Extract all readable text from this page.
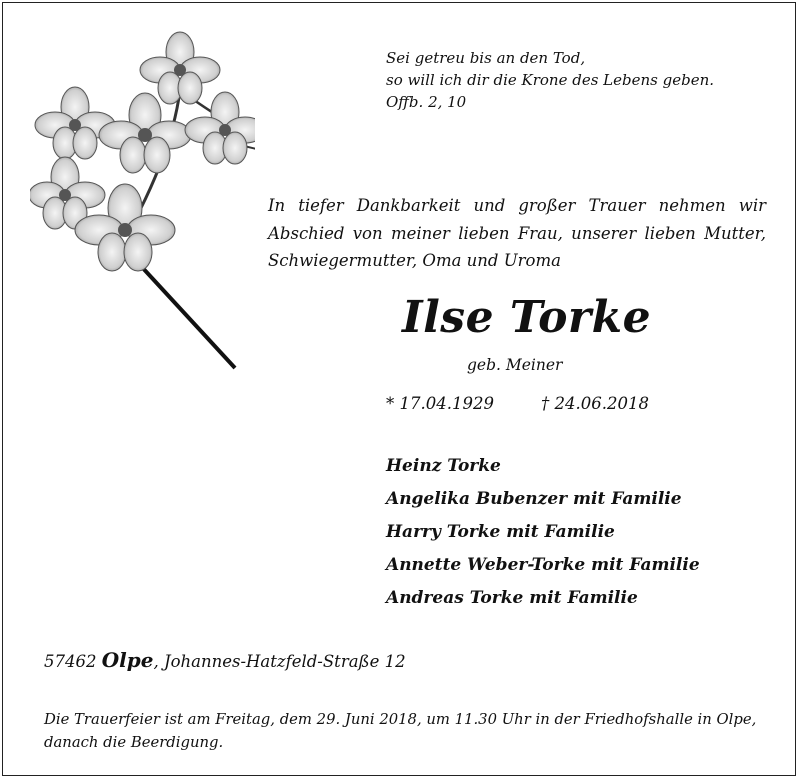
Sei getreu bis an den Tod,
so will ich dir die Krone des Lebens geben.
Offb. 2, 10
In tiefer Dankbarkeit und großer Trauer nehmen wir
Abschied von meiner lieben Frau, unserer lieben Mutter,
Schwiegermutter, Oma und Uroma
Ilse Torke
geb. Meiner
* 17.04.1929	† 24.06.2018
Heinz Torke
Angelika Bubenzer mit Familie
Harry Torke mit Familie
Annette Weber-Torke mit Familie
Andreas Torke mit Familie
57462 Olpe, Johannes-Hatzfeld-Straße 12
Die Trauerfeier ist am Freitag, dem 29. Juni 2018, um 11.30 Uhr in der Friedhofshalle in Olpe,
danach die Beerdigung.
